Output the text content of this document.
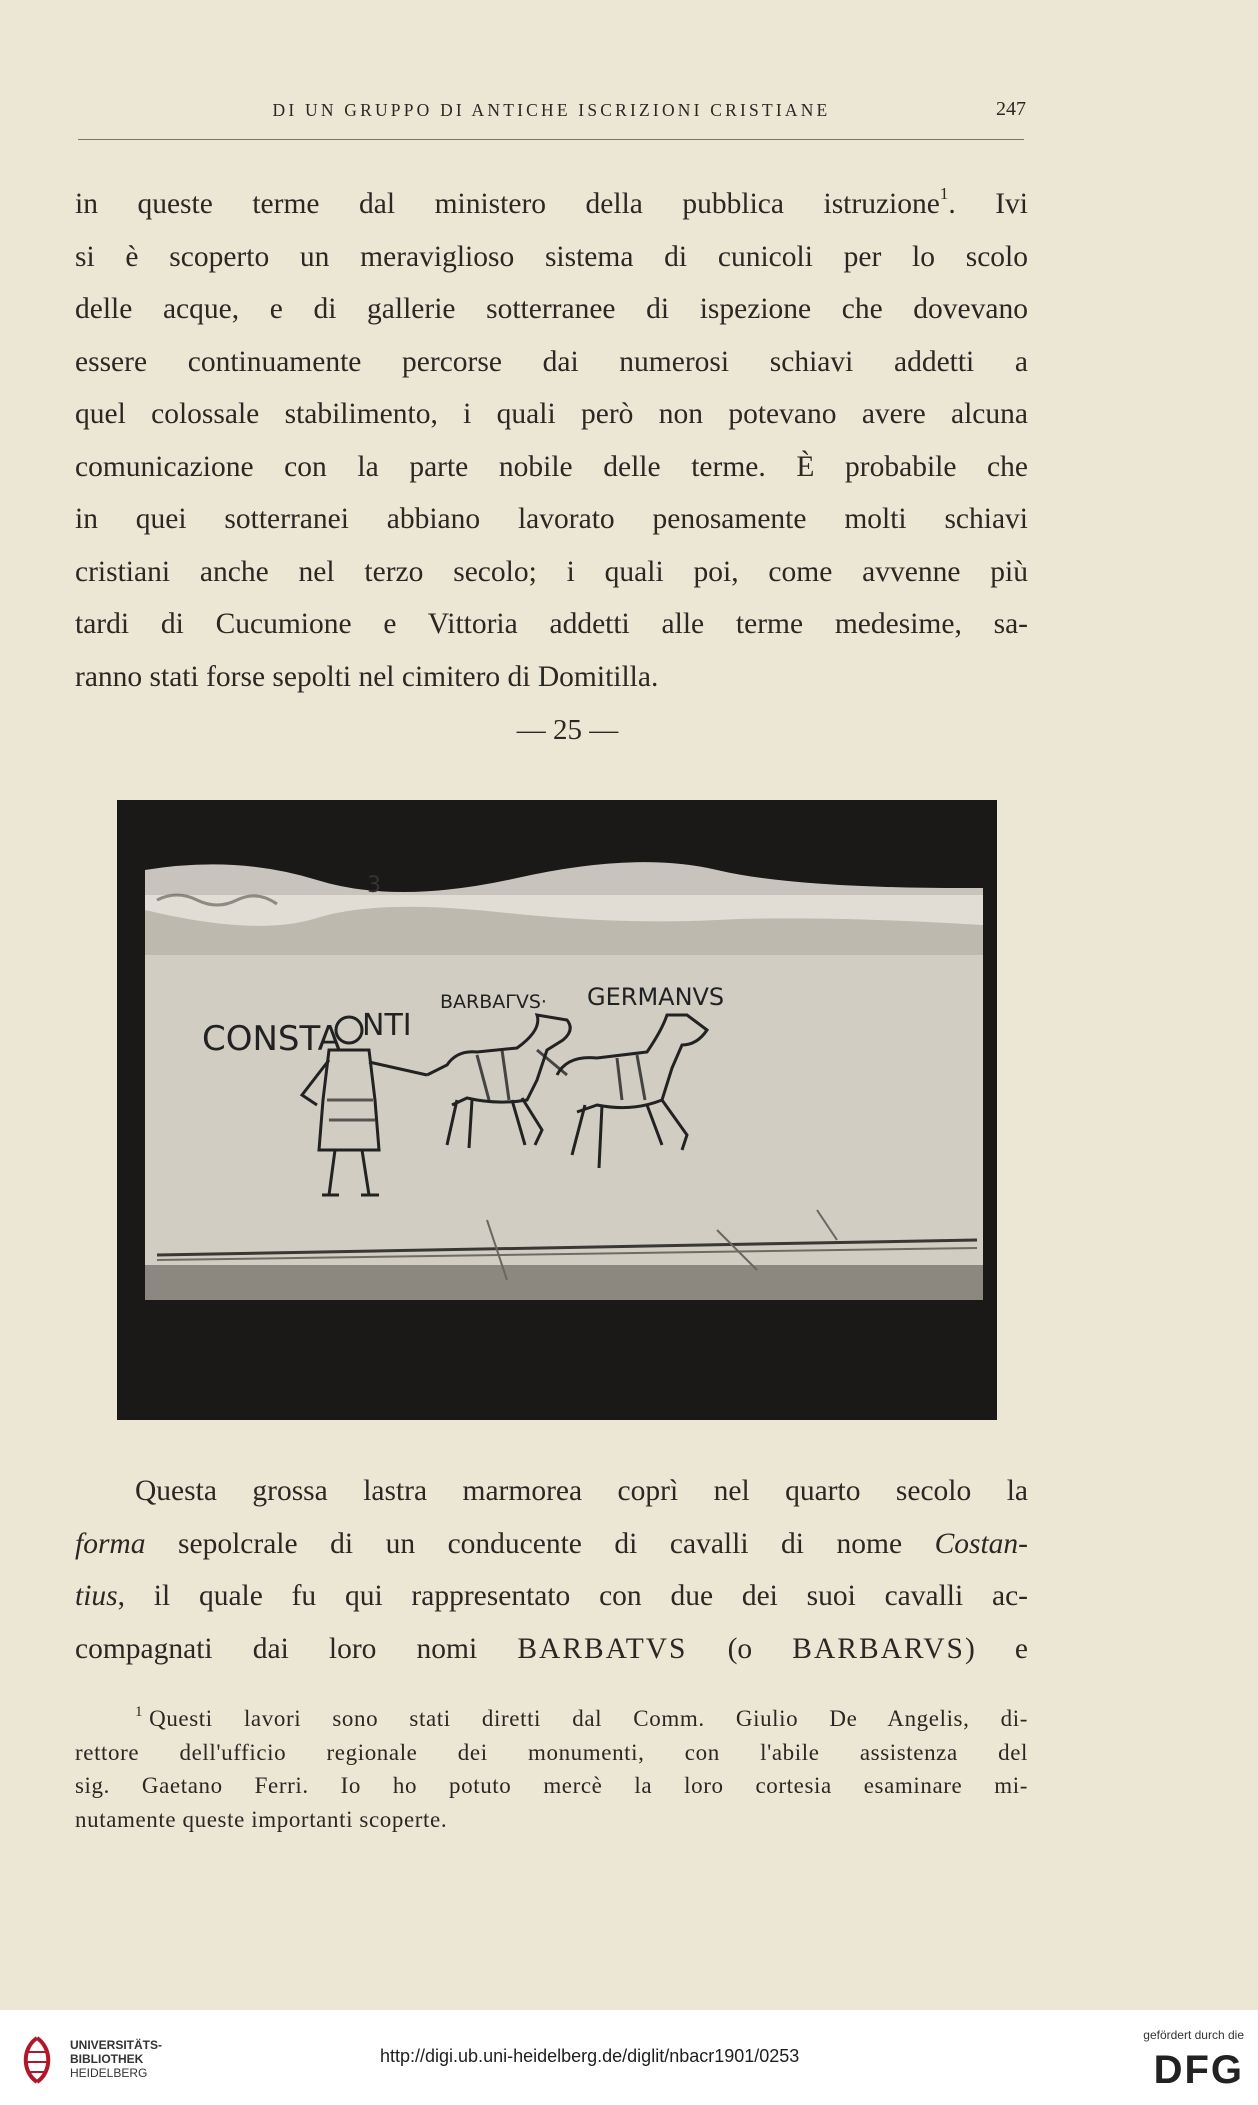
DI UN GRUPPO DI ANTICHE ISCRIZIONI CRISTIANE	247
in queste terme dal ministero della pubblica istruzione$^1$. Ivi
si è scoperto un meraviglioso sistema di cunicoli per lo scolo
delle acque, e di gallerie sotterranee di ispezione che dovevano
essere continuamente percorse dai numerosi schiavi addetti a
quel colossale stabilimento, i quali però non potevano avere alcuna
comunicazione con la parte nobile delle terme. È probabile che
in quei sotterranei abbiano lavorato penosamente molti schiavi
cristiani anche nel terzo secolo; i quali poi, come avvenne più
tardi di Cucumione e Vittoria addetti alle terme medesime, sa-
ranno stati forse sepolti nel cimitero di Domitilla.
— 25 —
3
CONSTA NTI
BARBAΓVS· GERMANVS
Questa grossa lastra marmorea coprì nel quarto secolo la
forma sepolcrale di un conducente di cavalli di nome Costan-
tius, il quale fu qui rappresentato con due dei suoi cavalli ac-
compagnati dai loro nomi BARBATVS (o BARBARVS) e
$^1$ Questi lavori sono stati diretti dal Comm. Giulio De Angelis, di-
rettore dell'ufficio regionale dei monumenti, con l'abile assistenza del
sig. Gaetano Ferri. Io ho potuto mercè la loro cortesia esaminare mi-
nutamente queste importanti scoperte.
UNIVERSITÄTS-
BIBLIOTHEK
HEIDELBERG
http://digi.ub.uni-heidelberg.de/diglit/nbacr1901/0253
gefördert durch die
DFG
